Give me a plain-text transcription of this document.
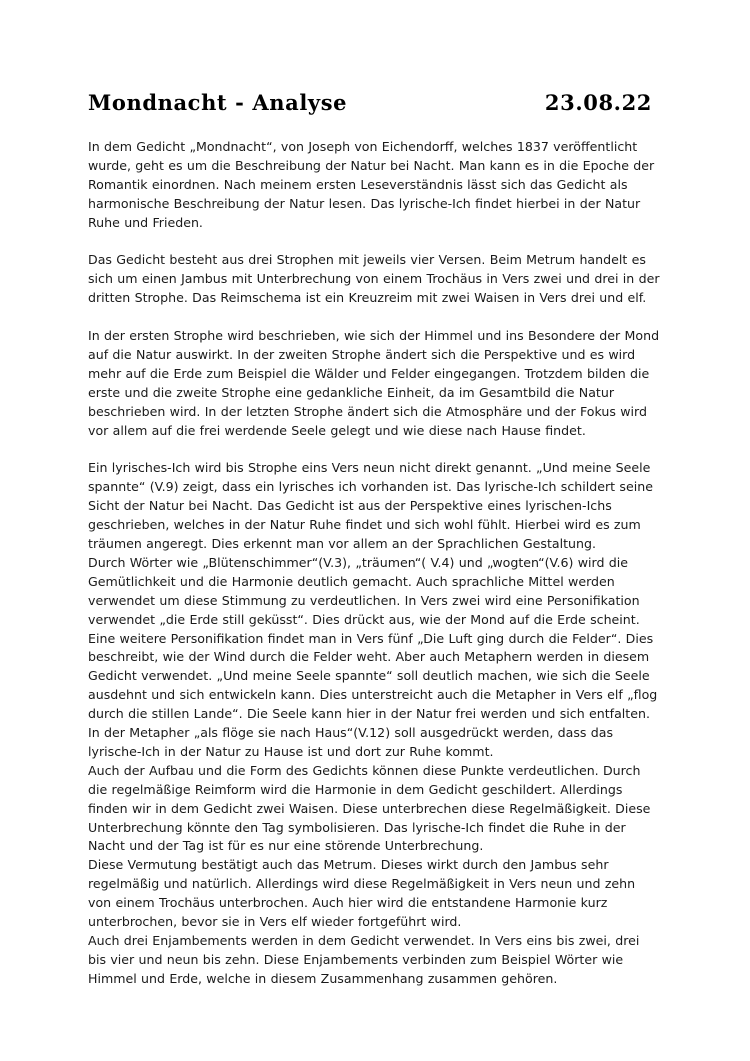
Mondnacht - Analyse	23.08.22

In dem Gedicht „Mondnacht“, von Joseph von Eichendorff, welches 1837 veröffentlicht wurde, geht es um die Beschreibung der Natur bei Nacht. Man kann es in die Epoche der Romantik einordnen. Nach meinem ersten Leseverständnis lässt sich das Gedicht als harmonische Beschreibung der Natur lesen. Das lyrische-Ich findet hierbei in der Natur Ruhe und Frieden.

Das Gedicht besteht aus drei Strophen mit jeweils vier Versen. Beim Metrum handelt es sich um einen Jambus mit Unterbrechung von einem Trochäus in Vers zwei und drei in der dritten Strophe. Das Reimschema ist ein Kreuzreim mit zwei Waisen in Vers drei und elf.

In der ersten Strophe wird beschrieben, wie sich der Himmel und ins Besondere der Mond auf die Natur auswirkt. In der zweiten Strophe ändert sich die Perspektive und es wird mehr auf die Erde zum Beispiel die Wälder und Felder eingegangen. Trotzdem bilden die erste und die zweite Strophe eine gedankliche Einheit, da im Gesamtbild die Natur beschrieben wird. In der letzten Strophe ändert sich die Atmosphäre und der Fokus wird vor allem auf die frei werdende Seele gelegt und wie diese nach Hause findet.

Ein lyrisches-Ich wird bis Strophe eins Vers neun nicht direkt genannt. „Und meine Seele spannte“ (V.9) zeigt, dass ein lyrisches ich vorhanden ist. Das lyrische-Ich schildert seine Sicht der Natur bei Nacht. Das Gedicht ist aus der Perspektive eines lyrischen-Ichs geschrieben, welches in der Natur Ruhe findet und sich wohl fühlt. Hierbei wird es zum träumen angeregt. Dies erkennt man vor allem an der Sprachlichen Gestaltung.

Durch Wörter wie „Blütenschimmer“(V.3), „träumen“( V.4) und „wogten“(V.6) wird die Gemütlichkeit und die Harmonie deutlich gemacht. Auch sprachliche Mittel werden verwendet um diese Stimmung zu verdeutlichen. In Vers zwei wird eine Personifikation verwendet „die Erde still geküsst“. Dies drückt aus, wie der Mond auf die Erde scheint. Eine weitere Personifikation findet man in Vers fünf „Die Luft ging durch die Felder“. Dies beschreibt, wie der Wind durch die Felder weht. Aber auch Metaphern werden in diesem Gedicht verwendet. „Und meine Seele spannte“ soll deutlich machen, wie sich die Seele ausdehnt und sich entwickeln kann. Dies unterstreicht auch die Metapher in Vers elf „flog durch die stillen Lande“. Die Seele kann hier in der Natur frei werden und sich entfalten. In der Metapher „als flöge sie nach Haus“(V.12) soll ausgedrückt werden, dass das lyrische-Ich in der Natur zu Hause ist und dort zur Ruhe kommt.

Auch der Aufbau und die Form des Gedichts können diese Punkte verdeutlichen. Durch die regelmäßige Reimform wird die Harmonie in dem Gedicht geschildert. Allerdings finden wir in dem Gedicht zwei Waisen. Diese unterbrechen diese Regelmäßigkeit. Diese Unterbrechung könnte den Tag symbolisieren. Das lyrische-Ich findet die Ruhe in der Nacht und der Tag ist für es nur eine störende Unterbrechung.

Diese Vermutung bestätigt auch das Metrum. Dieses wirkt durch den Jambus sehr regelmäßig und natürlich. Allerdings wird diese Regelmäßigkeit in Vers neun und zehn von einem Trochäus unterbrochen. Auch hier wird die entstandene Harmonie kurz unterbrochen, bevor sie in Vers elf wieder fortgeführt wird.

Auch drei Enjambements werden in dem Gedicht verwendet. In Vers eins bis zwei, drei bis vier und neun bis zehn. Diese Enjambements verbinden zum Beispiel Wörter wie Himmel und Erde, welche in diesem Zusammenhang zusammen gehören.
